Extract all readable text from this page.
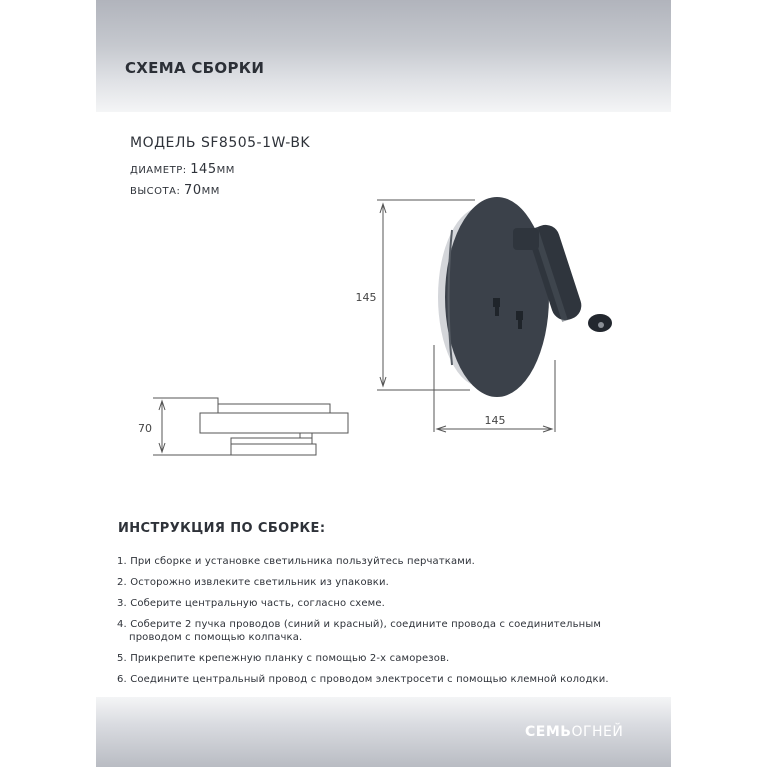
СХЕМА СБОРКИ
МОДЕЛЬ SF8505-1W-BK
ДИАМЕТР: 145ММ
ВЫСОТА: 70ММ
145
145
70
ИНСТРУКЦИЯ ПО СБОРКЕ:
1. При сборке и установке светильника пользуйтесь перчатками.
2. Осторожно извлеките светильник из упаковки.
3. Соберите центральную часть, согласно схеме.
4. Соберите 2 пучка проводов (синий и красный), соедините провода с соединительным
проводом с помощью колпачка.
5. Прикрепите крепежную планку с помощью 2-х саморезов.
6. Соедините центральный провод с проводом электросети с помощью клемной колодки.
СЕМЬОГНЕЙ
